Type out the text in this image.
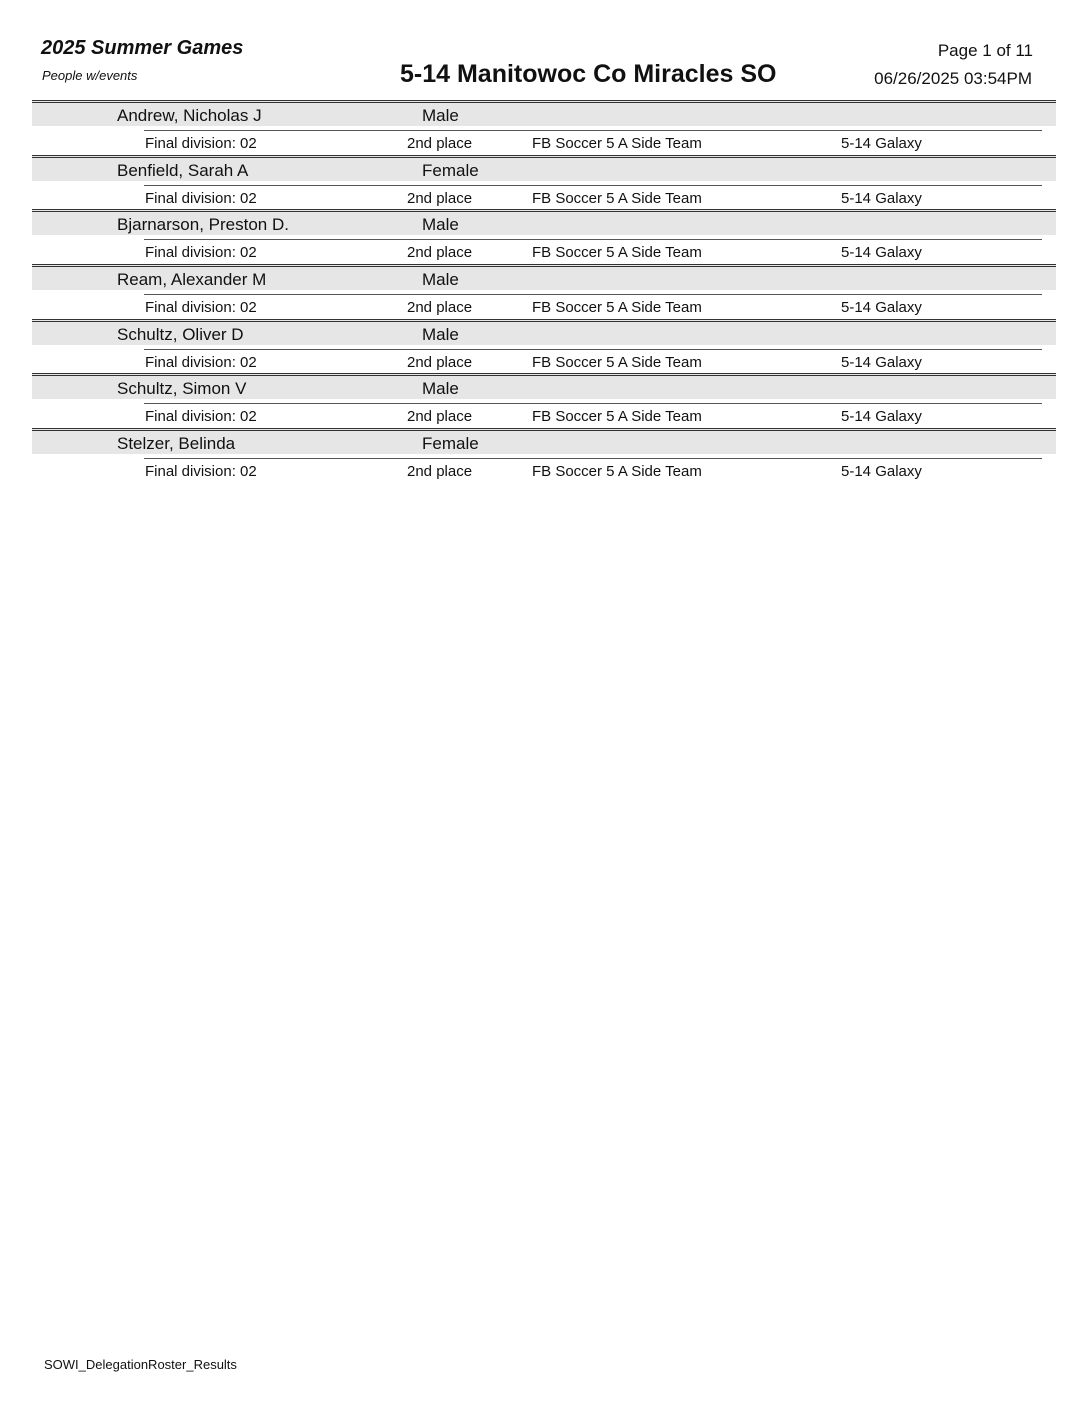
2025 Summer Games
People w/events	5-14 Manitowoc Co Miracles SO
Page 1 of 11
06/26/2025 03:54PM
Andrew, Nicholas J	Male
Final division: 02	2nd place	FB Soccer 5 A Side Team	5-14 Galaxy
Benfield, Sarah A	Female
Final division: 02	2nd place	FB Soccer 5 A Side Team	5-14 Galaxy
Bjarnarson, Preston D.	Male
Final division: 02	2nd place	FB Soccer 5 A Side Team	5-14 Galaxy
Ream, Alexander M	Male
Final division: 02	2nd place	FB Soccer 5 A Side Team	5-14 Galaxy
Schultz, Oliver D	Male
Final division: 02	2nd place	FB Soccer 5 A Side Team	5-14 Galaxy
Schultz, Simon V	Male
Final division: 02	2nd place	FB Soccer 5 A Side Team	5-14 Galaxy
Stelzer, Belinda	Female
Final division: 02	2nd place	FB Soccer 5 A Side Team	5-14 Galaxy
SOWI_DelegationRoster_Results
